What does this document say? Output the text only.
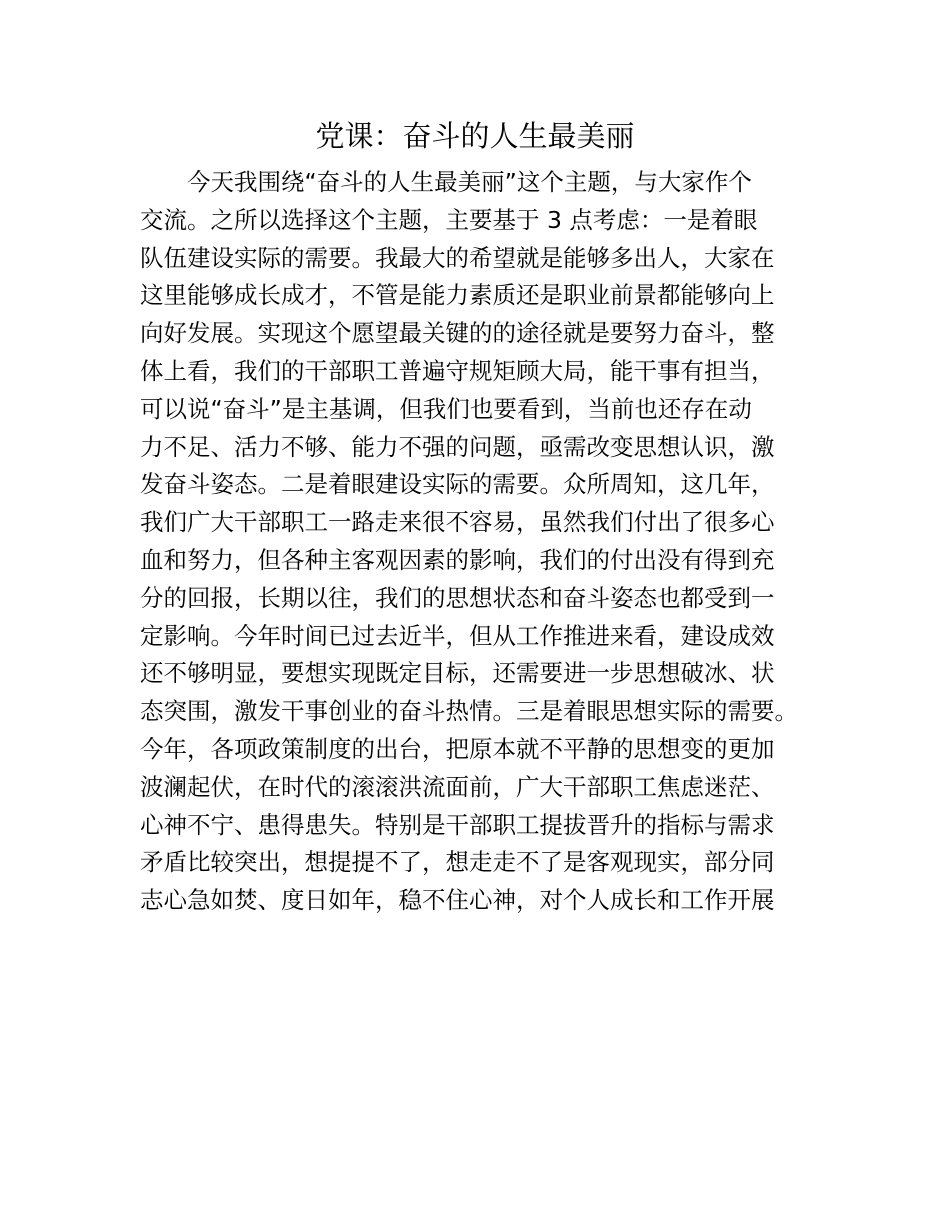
党课：奋斗的人生最美丽
今天我围绕“奋斗的人生最美丽”这个主题，与大家作个
交流。之所以选择这个主题，主要基于 3 点考虑：一是着眼
队伍建设实际的需要。我最大的希望就是能够多出人，大家在
这里能够成长成才，不管是能力素质还是职业前景都能够向上
向好发展。实现这个愿望最关键的的途径就是要努力奋斗，整
体上看，我们的干部职工普遍守规矩顾大局，能干事有担当，
可以说“奋斗”是主基调，但我们也要看到，当前也还存在动
力不足、活力不够、能力不强的问题，亟需改变思想认识，激
发奋斗姿态。二是着眼建设实际的需要。众所周知，这几年，
我们广大干部职工一路走来很不容易，虽然我们付出了很多心
血和努力，但各种主客观因素的影响，我们的付出没有得到充
分的回报，长期以往，我们的思想状态和奋斗姿态也都受到一
定影响。今年时间已过去近半，但从工作推进来看，建设成效
还不够明显，要想实现既定目标，还需要进一步思想破冰、状
态突围，激发干事创业的奋斗热情。三是着眼思想实际的需要。
今年，各项政策制度的出台，把原本就不平静的思想变的更加
波澜起伏，在时代的滚滚洪流面前，广大干部职工焦虑迷茫、
心神不宁、患得患失。特别是干部职工提拔晋升的指标与需求
矛盾比较突出，想提提不了，想走走不了是客观现实，部分同
志心急如焚、度日如年，稳不住心神，对个人成长和工作开展
